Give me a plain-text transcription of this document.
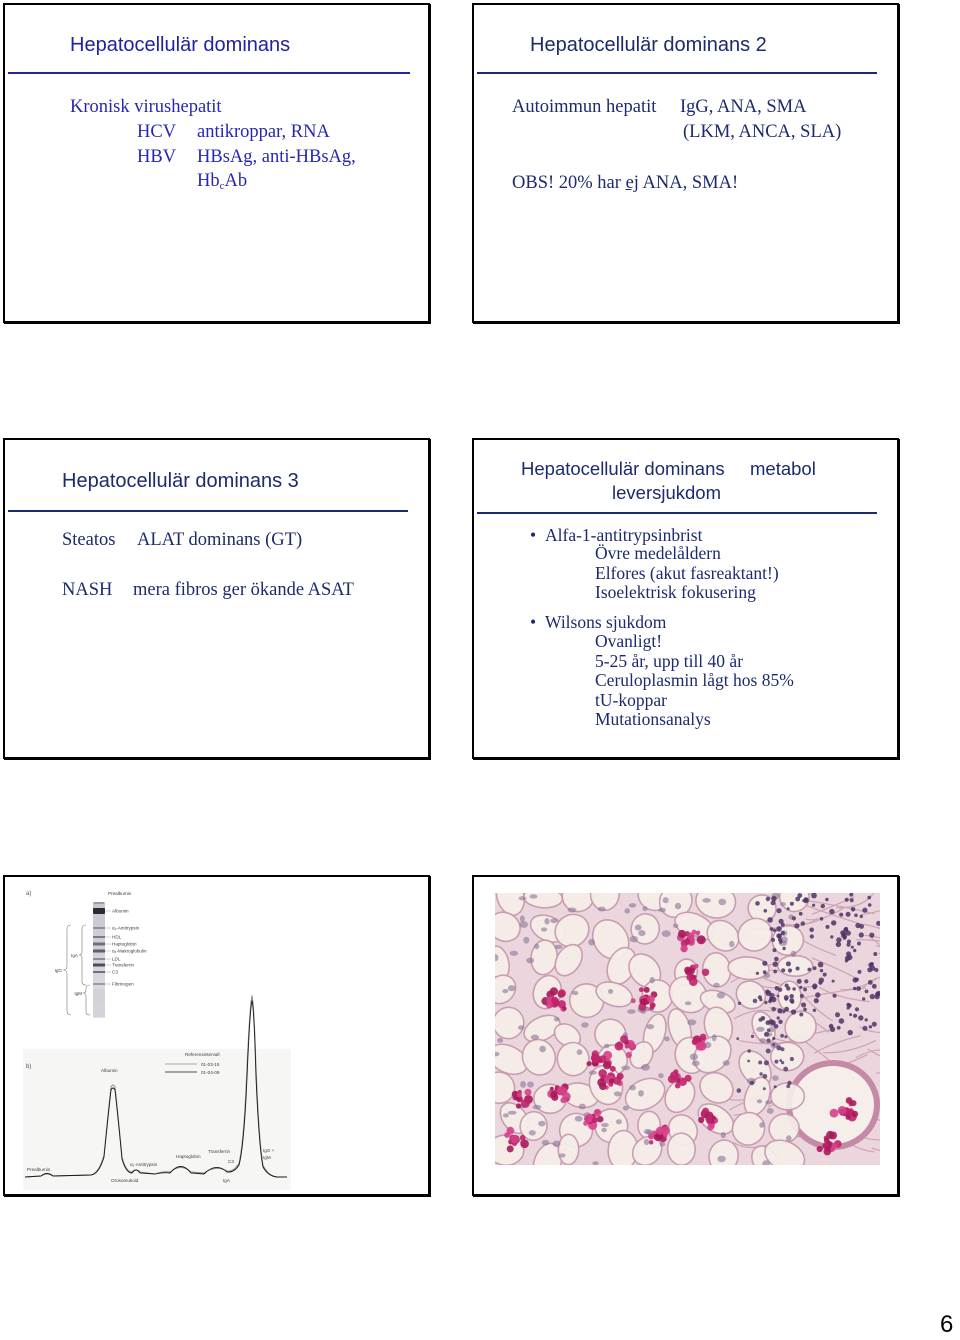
Hepatocellulär dominans
Kronisk virushepatit
HCV antikroppar, RNA
HBV HBsAg, anti-HBsAg,
$Hb_cAb$
Hepatocellulär dominans 2
Autoimmun hepatit IgG, ANA, SMA
(LKM, ANCA, SLA)
OBS! 20% har ej ANA, SMA!
Hepatocellulär dominans 3
Steatos ALAT dominans (GT)
NASH mera fibros ger ökande ASAT
Hepatocellulär dominans metabol
leversjukdom
• Alfa-1-antitrypsinbrist
Övre medelåldern
Elfores (akut fasreaktant!)
Isoelektrisk fokusering
• Wilsons sjukdom
Ovanligt!
5-25 år, upp till 40 år
Ceruloplasmin lågt hos 85%
tU-koppar
Mutationsanalys
a)	Prealbumin
Albumin
α₁-Antitrypsin
HDL
Haptoglobin
α₂-Makroglobulin
LDL
Transferrin
C3
Fibrinogen
IgA
IgG
IgM
b)
Albumin
Referensintervall
01-03-15
01-04-09
Prealbumin
α₁-Antitrypsin
Orosomukoid
Haptoglobin
Transferrin
C3
IgA
IgG +
IgM
6
